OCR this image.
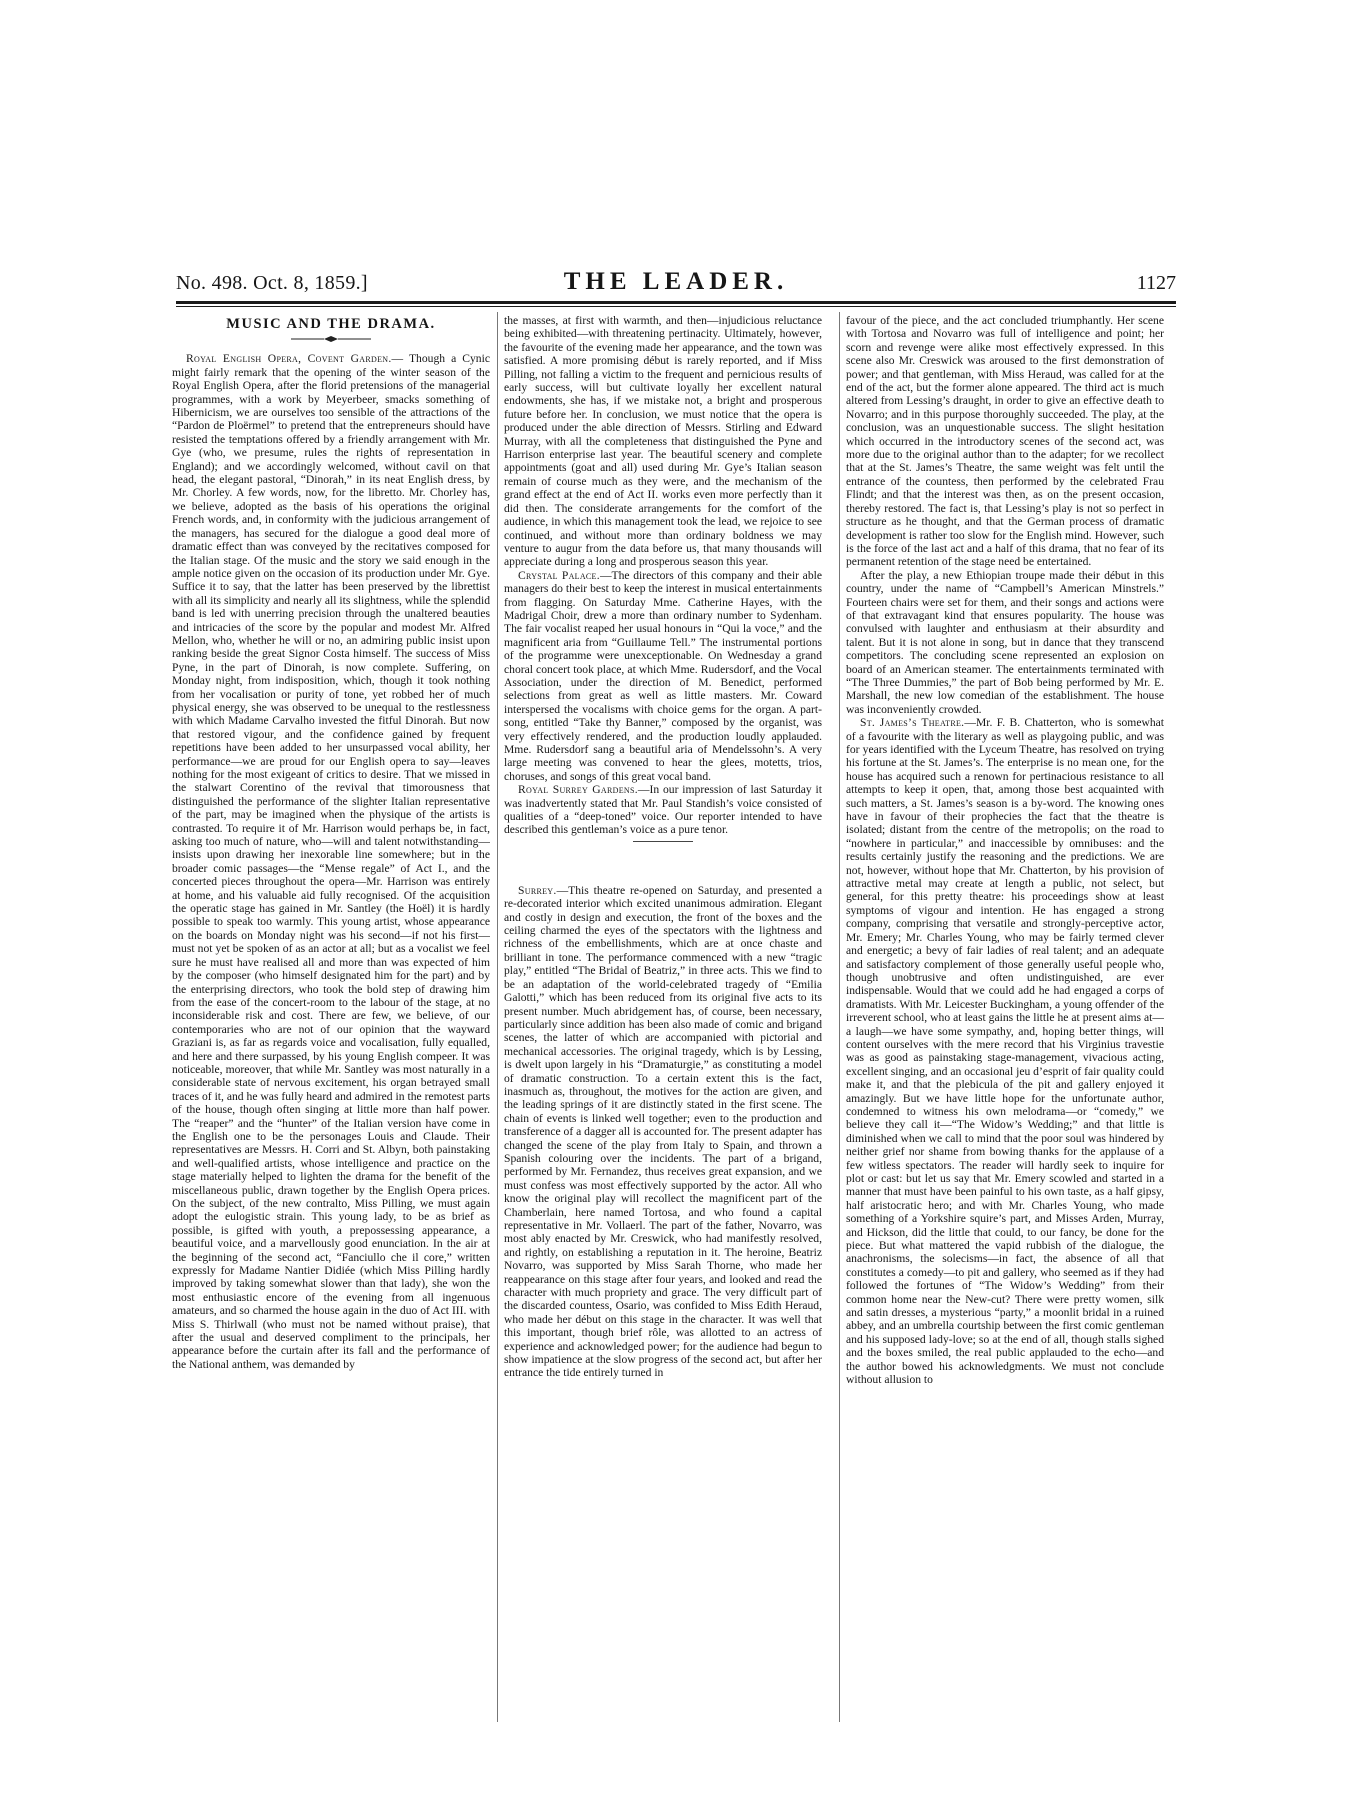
No. 498. Oct. 8, 1859.]	THE LEADER.	1127
MUSIC AND THE DRAMA.

Royal English Opera, Covent Garden.— Though a Cynic might fairly remark that the opening of the winter season of the Royal English Opera, after the florid pretensions of the managerial programmes, with a work by Meyerbeer, smacks something of Hibernicism, we are ourselves too sensible of the attractions of the “Pardon de Ploërmel” to pretend that the entrepreneurs should have resisted the temptations offered by a friendly arrangement with Mr. Gye (who, we presume, rules the rights of representation in England); and we accordingly welcomed, without cavil on that head, the elegant pastoral, “Dinorah,” in its neat English dress, by Mr. Chorley. A few words, now, for the libretto. Mr. Chorley has, we believe, adopted as the basis of his operations the original French words, and, in conformity with the judicious arrangement of the managers, has secured for the dialogue a good deal more of dramatic effect than was conveyed by the recitatives composed for the Italian stage. Of the music and the story we said enough in the ample notice given on the occasion of its production under Mr. Gye. Suffice it to say, that the latter has been preserved by the librettist with all its simplicity and nearly all its slightness, while the splendid band is led with unerring precision through the unaltered beauties and intricacies of the score by the popular and modest Mr. Alfred Mellon, who, whether he will or no, an admiring public insist upon ranking beside the great Signor Costa himself. The success of Miss Pyne, in the part of Dinorah, is now complete. Suffering, on Monday night, from indisposition, which, though it took nothing from her vocalisation or purity of tone, yet robbed her of much physical energy, she was observed to be unequal to the restlessness with which Madame Carvalho invested the fitful Dinorah. But now that restored vigour, and the confidence gained by frequent repetitions have been added to her unsurpassed vocal ability, her performance—we are proud for our English opera to say—leaves nothing for the most exigeant of critics to desire. That we missed in the stalwart Corentino of the revival that timorousness that distinguished the performance of the slighter Italian representative of the part, may be imagined when the physique of the artists is contrasted. To require it of Mr. Harrison would perhaps be, in fact, asking too much of nature, who—will and talent notwithstanding—insists upon drawing her inexorable line somewhere; but in the broader comic passages—the “Mense regale” of Act I., and the concerted pieces throughout the opera—Mr. Harrison was entirely at home, and his valuable aid fully recognised. Of the acquisition the operatic stage has gained in Mr. Santley (the Hoël) it is hardly possible to speak too warmly. This young artist, whose appearance on the boards on Monday night was his second—if not his first—must not yet be spoken of as an actor at all; but as a vocalist we feel sure he must have realised all and more than was expected of him by the composer (who himself designated him for the part) and by the enterprising directors, who took the bold step of drawing him from the ease of the concert-room to the labour of the stage, at no inconsiderable risk and cost. There are few, we believe, of our contemporaries who are not of our opinion that the wayward Graziani is, as far as regards voice and vocalisation, fully equalled, and here and there surpassed, by his young English compeer. It was noticeable, moreover, that while Mr. Santley was most naturally in a considerable state of nervous excitement, his organ betrayed small traces of it, and he was fully heard and admired in the remotest parts of the house, though often singing at little more than half power. The “reaper” and the “hunter” of the Italian version have come in the English one to be the personages Louis and Claude. Their representatives are Messrs. H. Corri and St. Albyn, both painstaking and well-qualified artists, whose intelligence and practice on the stage materially helped to lighten the drama for the benefit of the miscellaneous public, drawn together by the English Opera prices. On the subject, of the new contralto, Miss Pilling, we must again adopt the eulogistic strain. This young lady, to be as brief as possible, is gifted with youth, a prepossessing appearance, a beautiful voice, and a marvellously good enunciation. In the air at the beginning of the second act, “Fanciullo che il core,” written expressly for Madame Nantier Didiée (which Miss Pilling hardly improved by taking somewhat slower than that lady), she won the most enthusiastic encore of the evening from all ingenuous amateurs, and so charmed the house again in the duo of Act III. with Miss S. Thirlwall (who must not be named without praise), that after the usual and deserved compliment to the principals, her appearance before the curtain after its fall and the performance of the National anthem, was demanded by

the masses, at first with warmth, and then—injudicious reluctance being exhibited—with threatening pertinacity. Ultimately, however, the favourite of the evening made her appearance, and the town was satisfied. A more promising début is rarely reported, and if Miss Pilling, not falling a victim to the frequent and pernicious results of early success, will but cultivate loyally her excellent natural endowments, she has, if we mistake not, a bright and prosperous future before her. In conclusion, we must notice that the opera is produced under the able direction of Messrs. Stirling and Edward Murray, with all the completeness that distinguished the Pyne and Harrison enterprise last year. The beautiful scenery and complete appointments (goat and all) used during Mr. Gye’s Italian season remain of course much as they were, and the mechanism of the grand effect at the end of Act II. works even more perfectly than it did then. The considerate arrangements for the comfort of the audience, in which this management took the lead, we rejoice to see continued, and without more than ordinary boldness we may venture to augur from the data before us, that many thousands will appreciate during a long and prosperous season this year.

Crystal Palace.—The directors of this company and their able managers do their best to keep the interest in musical entertainments from flagging. On Saturday Mme. Catherine Hayes, with the Madrigal Choir, drew a more than ordinary number to Sydenham. The fair vocalist reaped her usual honours in “Qui la voce,” and the magnificent aria from “Guillaume Tell.” The instrumental portions of the programme were unexceptionable. On Wednesday a grand choral concert took place, at which Mme. Rudersdorf, and the Vocal Association, under the direction of M. Benedict, performed selections from great as well as little masters. Mr. Coward interspersed the vocalisms with choice gems for the organ. A part-song, entitled “Take thy Banner,” composed by the organist, was very effectively rendered, and the production loudly applauded. Mme. Rudersdorf sang a beautiful aria of Mendelssohn’s. A very large meeting was convened to hear the glees, motetts, trios, choruses, and songs of this great vocal band.

Royal Surrey Gardens.—In our impression of last Saturday it was inadvertently stated that Mr. Paul Standish’s voice consisted of qualities of a “deep-toned” voice. Our reporter intended to have described this gentleman’s voice as a pure tenor.

Surrey.—This theatre re-opened on Saturday, and presented a re-decorated interior which excited unanimous admiration. Elegant and costly in design and execution, the front of the boxes and the ceiling charmed the eyes of the spectators with the lightness and richness of the embellishments, which are at once chaste and brilliant in tone. The performance commenced with a new “tragic play,” entitled “The Bridal of Beatriz,” in three acts. This we find to be an adaptation of the world-celebrated tragedy of “Emilia Galotti,” which has been reduced from its original five acts to its present number. Much abridgement has, of course, been necessary, particularly since addition has been also made of comic and brigand scenes, the latter of which are accompanied with pictorial and mechanical accessories. The original tragedy, which is by Lessing, is dwelt upon largely in his “Dramaturgie,” as constituting a model of dramatic construction. To a certain extent this is the fact, inasmuch as, throughout, the motives for the action are given, and the leading springs of it are distinctly stated in the first scene. The chain of events is linked well together; even to the production and transference of a dagger all is accounted for. The present adapter has changed the scene of the play from Italy to Spain, and thrown a Spanish colouring over the incidents. The part of a brigand, performed by Mr. Fernandez, thus receives great expansion, and we must confess was most effectively supported by the actor. All who know the original play will recollect the magnificent part of the Chamberlain, here named Tortosa, and who found a capital representative in Mr. Vollaerl. The part of the father, Novarro, was most ably enacted by Mr. Creswick, who had manifestly resolved, and rightly, on establishing a reputation in it. The heroine, Beatriz Novarro, was supported by Miss Sarah Thorne, who made her reappearance on this stage after four years, and looked and read the character with much propriety and grace. The very difficult part of the discarded countess, Osario, was confided to Miss Edith Heraud, who made her début on this stage in the character. It was well that this important, though brief rôle, was allotted to an actress of experience and acknowledged power; for the audience had begun to show impatience at the slow progress of the second act, but after her entrance the tide entirely turned in

favour of the piece, and the act concluded triumphantly. Her scene with Tortosa and Novarro was full of intelligence and point; her scorn and revenge were alike most effectively expressed. In this scene also Mr. Creswick was aroused to the first demonstration of power; and that gentleman, with Miss Heraud, was called for at the end of the act, but the former alone appeared. The third act is much altered from Lessing’s draught, in order to give an effective death to Novarro; and in this purpose thoroughly succeeded. The play, at the conclusion, was an unquestionable success. The slight hesitation which occurred in the introductory scenes of the second act, was more due to the original author than to the adapter; for we recollect that at the St. James’s Theatre, the same weight was felt until the entrance of the countess, then performed by the celebrated Frau Flindt; and that the interest was then, as on the present occasion, thereby restored. The fact is, that Lessing’s play is not so perfect in structure as he thought, and that the German process of dramatic development is rather too slow for the English mind. However, such is the force of the last act and a half of this drama, that no fear of its permanent retention of the stage need be entertained.

After the play, a new Ethiopian troupe made their début in this country, under the name of “Campbell’s American Minstrels.” Fourteen chairs were set for them, and their songs and actions were of that extravagant kind that ensures popularity. The house was convulsed with laughter and enthusiasm at their absurdity and talent. But it is not alone in song, but in dance that they transcend competitors. The concluding scene represented an explosion on board of an American steamer. The entertainments terminated with “The Three Dummies,” the part of Bob being performed by Mr. E. Marshall, the new low comedian of the establishment. The house was inconveniently crowded.

St. James’s Theatre.—Mr. F. B. Chatterton, who is somewhat of a favourite with the literary as well as playgoing public, and was for years identified with the Lyceum Theatre, has resolved on trying his fortune at the St. James’s. The enterprise is no mean one, for the house has acquired such a renown for pertinacious resistance to all attempts to keep it open, that, among those best acquainted with such matters, a St. James’s season is a by-word. The knowing ones have in favour of their prophecies the fact that the theatre is isolated; distant from the centre of the metropolis; on the road to “nowhere in particular,” and inaccessible by omnibuses: and the results certainly justify the reasoning and the predictions. We are not, however, without hope that Mr. Chatterton, by his provision of attractive metal may create at length a public, not select, but general, for this pretty theatre: his proceedings show at least symptoms of vigour and intention. He has engaged a strong company, comprising that versatile and strongly-perceptive actor, Mr. Emery; Mr. Charles Young, who may be fairly termed clever and energetic; a bevy of fair ladies of real talent; and an adequate and satisfactory complement of those generally useful people who, though unobtrusive and often undistinguished, are ever indispensable. Would that we could add he had engaged a corps of dramatists. With Mr. Leicester Buckingham, a young offender of the irreverent school, who at least gains the little he at present aims at—a laugh—we have some sympathy, and, hoping better things, will content ourselves with the mere record that his Virginius travestie was as good as painstaking stage-management, vivacious acting, excellent singing, and an occasional jeu d’esprit of fair quality could make it, and that the plebicula of the pit and gallery enjoyed it amazingly. But we have little hope for the unfortunate author, condemned to witness his own melodrama—or “comedy,” we believe they call it—“The Widow’s Wedding;” and that little is diminished when we call to mind that the poor soul was hindered by neither grief nor shame from bowing thanks for the applause of a few witless spectators. The reader will hardly seek to inquire for plot or cast: but let us say that Mr. Emery scowled and started in a manner that must have been painful to his own taste, as a half gipsy, half aristocratic hero; and with Mr. Charles Young, who made something of a Yorkshire squire’s part, and Misses Arden, Murray, and Hickson, did the little that could, to our fancy, be done for the piece. But what mattered the vapid rubbish of the dialogue, the anachronisms, the solecisms—in fact, the absence of all that constitutes a comedy—to pit and gallery, who seemed as if they had followed the fortunes of “The Widow’s Wedding” from their common home near the New-cut? There were pretty women, silk and satin dresses, a mysterious “party,” a moonlit bridal in a ruined abbey, and an umbrella courtship between the first comic gentleman and his supposed lady-love; so at the end of all, though stalls sighed and the boxes smiled, the real public applauded to the echo—and the author bowed his acknowledgments. We must not conclude without allusion to
